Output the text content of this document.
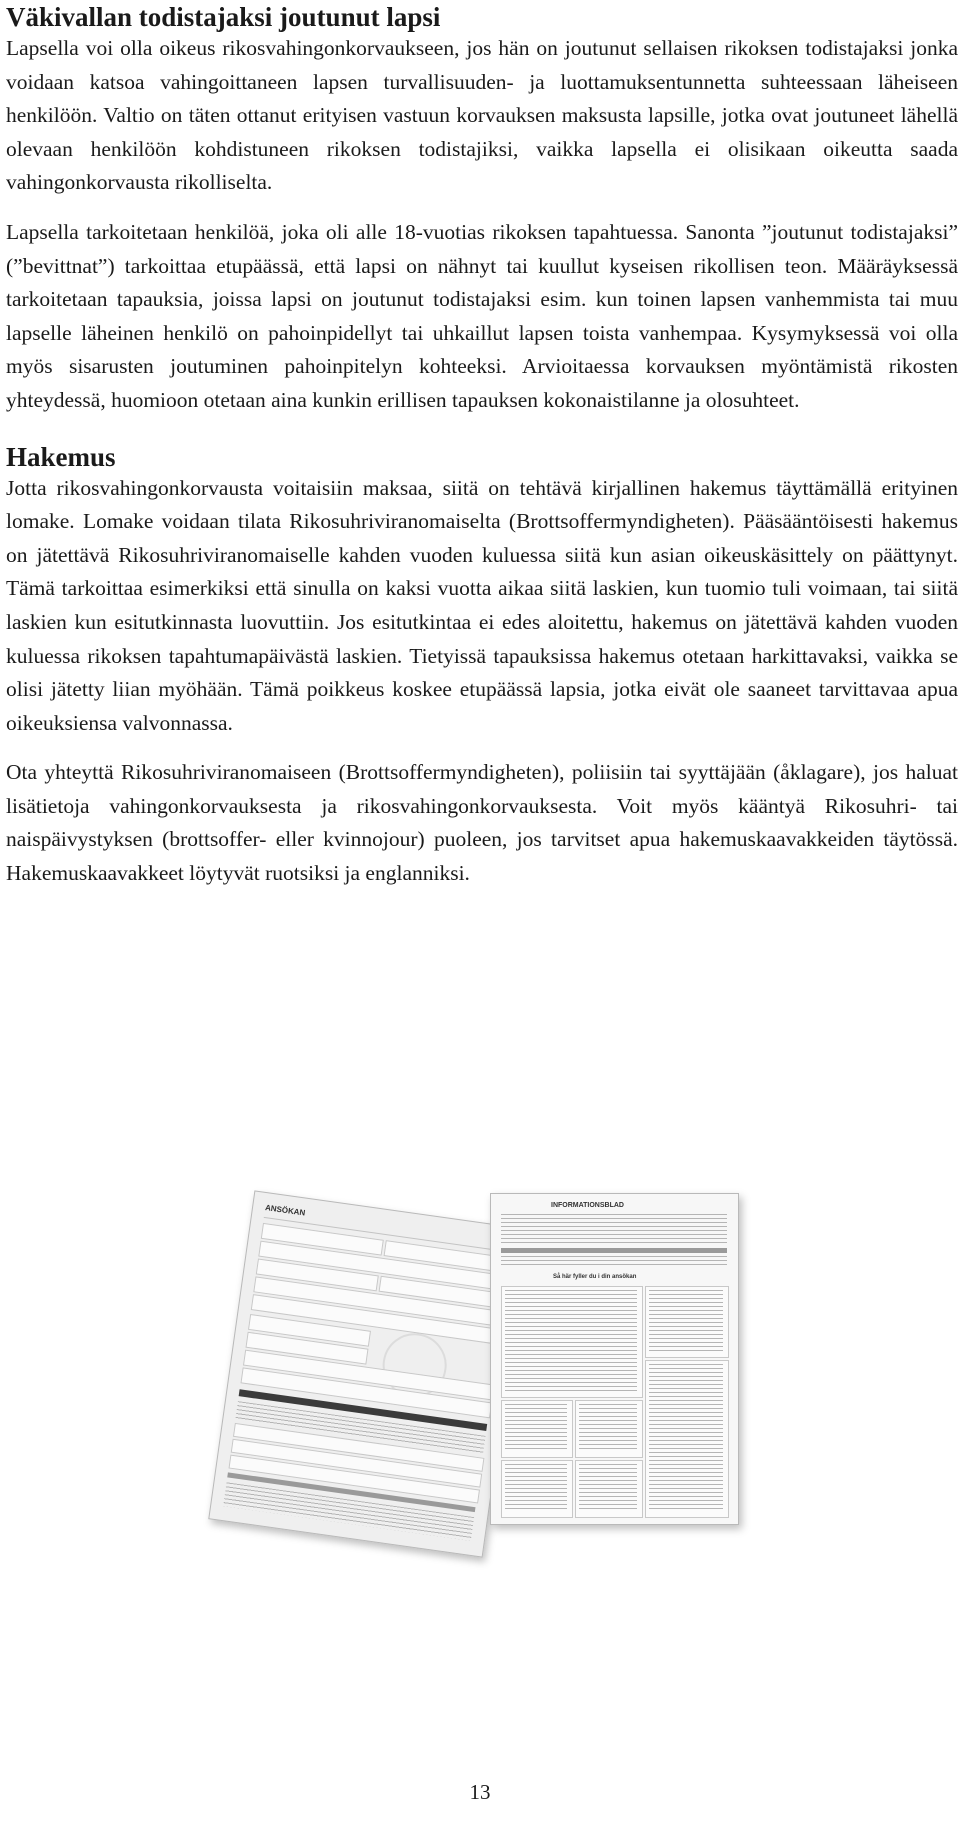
Väkivallan todistajaksi joutunut lapsi

Lapsella voi olla oikeus rikosvahingonkorvaukseen, jos hän on joutunut sellaisen rikoksen todistajaksi jonka voidaan katsoa vahingoittaneen lapsen turvallisuuden- ja luottamuksentunnetta suhteessaan läheiseen henkilöön. Valtio on täten ottanut erityisen vastuun korvauksen maksusta lapsille, jotka ovat joutuneet lähellä olevaan henkilöön kohdistuneen rikoksen todistajiksi, vaikka lapsella ei olisikaan oikeutta saada vahingonkorvausta rikolliselta.

Lapsella tarkoitetaan henkilöä, joka oli alle 18-vuotias rikoksen tapahtuessa. Sanonta ”joutunut todistajaksi” (”bevittnat”) tarkoittaa etupäässä, että lapsi on nähnyt tai kuullut kyseisen rikollisen teon. Määräyksessä tarkoitetaan tapauksia, joissa lapsi on joutunut todistajaksi esim. kun toinen lapsen vanhemmista tai muu lapselle läheinen henkilö on pahoinpidellyt tai uhkaillut lapsen toista vanhempaa. Kysymyksessä voi olla myös sisarusten joutuminen pahoinpitelyn kohteeksi. Arvioitaessa korvauksen myöntämistä rikosten yhteydessä, huomioon otetaan aina kunkin erillisen tapauksen kokonaistilanne ja olosuhteet.

Hakemus

Jotta rikosvahingonkorvausta voitaisiin maksaa, siitä on tehtävä kirjallinen hakemus täyttämällä erityinen lomake. Lomake voidaan tilata Rikosuhriviranomaiselta (Brottsoffermyndigheten). Pääsääntöisesti hakemus on jätettävä Rikosuhriviranomaiselle kahden vuoden kuluessa siitä kun asian oikeuskäsittely on päättynyt. Tämä tarkoittaa esimerkiksi että sinulla on kaksi vuotta aikaa siitä laskien, kun tuomio tuli voimaan, tai siitä laskien kun esitutkinnasta luovuttiin. Jos esitutkintaa ei edes aloitettu, hakemus on jätettävä kahden vuoden kuluessa rikoksen tapahtumapäivästä laskien. Tietyissä tapauksissa hakemus otetaan harkittavaksi, vaikka se olisi jätetty liian myöhään. Tämä poikkeus koskee etupäässä lapsia, jotka eivät ole saaneet tarvittavaa apua oikeuksiensa valvonnassa.

Ota yhteyttä Rikosuhriviranomaiseen (Brottsoffermyndigheten), poliisiin tai syyttäjään (åklagare), jos haluat lisätietoja vahingonkorvauksesta ja rikosvahingonkorvauksesta. Voit myös kääntyä Rikosuhri- tai naispäivystyksen (brottsoffer- eller kvinnojour) puoleen, jos tarvitset apua hakemuskaavakkeiden täytössä. Hakemuskaavakkeet löytyvät ruotsiksi ja englanniksi.

ANSÖKAN	INFORMATIONSBLAD
Så här fyller du i din ansökan
13
